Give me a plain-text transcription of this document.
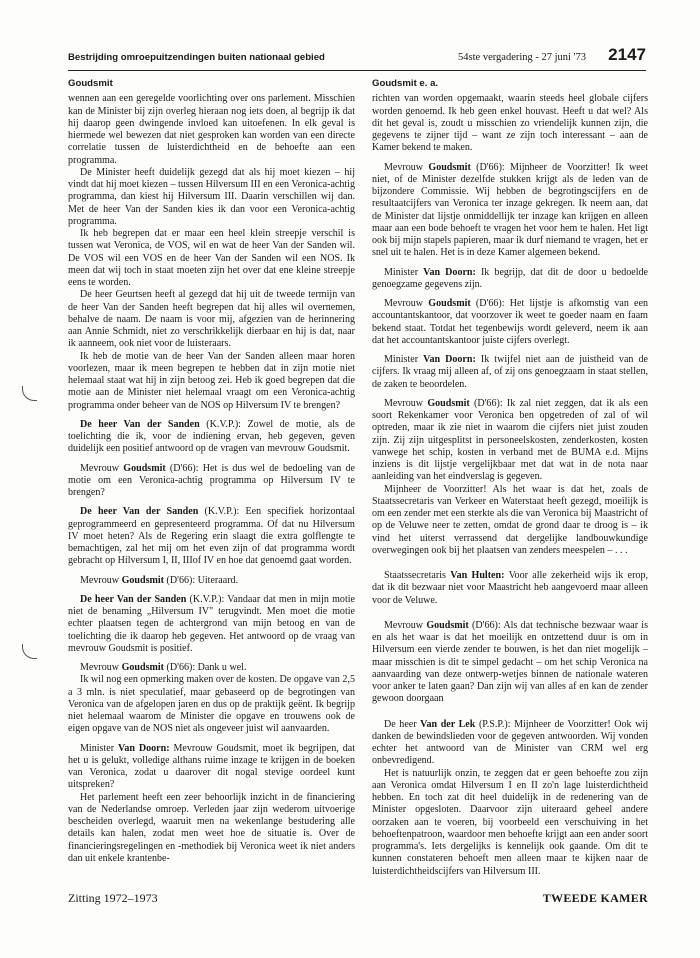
Bestrijding omroepuitzendingen buiten nationaal gebied	54ste vergadering - 27 juni '73 2147
Goudsmit

wennen aan een geregelde voorlichting over ons parlement. Misschien kan de Minister bij zijn overleg hieraan nog iets doen, al begrijp ik dat hij daarop geen dwingende invloed kan uitoefenen. In elk geval is hiermede wel bewezen dat niet gesproken kan worden van een directe correlatie tussen de luisterdichtheid en de behoefte aan een programma.

De Minister heeft duidelijk gezegd dat als hij moet kiezen – hij vindt dat hij moet kiezen – tussen Hilversum III en een Veronica-achtig programma, dan kiest hij Hilversum III. Daarin verschillen wij dan. Met de heer Van der Sanden kies ik dan voor een Veronica-achtig programma.

Ik heb begrepen dat er maar een heel klein streepje verschil is tussen wat Veronica, de VOS, wil en wat de heer Van der Sanden wil. De VOS wil een VOS en de heer Van der Sanden wil een NOS. Ik meen dat wij toch in staat moeten zijn het over dat ene kleine streepje eens te worden.

De heer Geurtsen heeft al gezegd dat hij uit de tweede termijn van de heer Van der Sanden heeft begrepen dat hij alles wil overnemen, behalve de naam. De naam is voor mij, afgezien van de herinnering aan Annie Schmidt, niet zo verschrikkelijk dierbaar en hij is dat, naar ik aanneem, ook niet voor de luisteraars.

Ik heb de motie van de heer Van der Sanden alleen maar horen voorlezen, maar ik meen begrepen te hebben dat in zijn motie niet helemaal staat wat hij in zijn betoog zei. Heb ik goed begrepen dat die motie aan de Minister niet helemaal vraagt om een Veronica-achtig programma onder beheer van de NOS op Hilversum IV te brengen?

De heer Van der Sanden (K.V.P.): Zowel de motie, als de toelichting die ik, voor de indiening ervan, heb gegeven, geven duidelijk een positief antwoord op de vragen van mevrouw Goudsmit.

Mevrouw Goudsmit (D'66): Het is dus wel de bedoeling van de motie om een Veronica-achtig programma op Hilversum IV te brengen?

De heer Van der Sanden (K.V.P.): Een specifiek horizontaal geprogrammeerd en gepresenteerd programma. Of dat nu Hilversum IV moet heten? Als de Regering erin slaagt die extra golflengte te bemachtigen, zal het mij om het even zijn of dat programma wordt gebracht op Hilversum I, II, IIIof IV en hoe dat genoemd gaat worden.

Mevrouw Goudsmit (D'66): Uiteraard.

De heer Van der Sanden (K.V.P.): Vandaar dat men in mijn motie niet de benaming „Hilversum IV" terugvindt. Men moet die motie echter plaatsen tegen de achtergrond van mijn betoog en van de toelichting die ik daarop heb gegeven. Het antwoord op de vraag van mevrouw Goudsmit is positief.

Mevrouw Goudsmit (D'66): Dank u wel.

Ik wil nog een opmerking maken over de kosten. De opgave van 2,5 a 3 mln. is niet speculatief, maar gebaseerd op de begrotingen van Veronica van de afgelopen jaren en dus op de praktijk geënt. Ik begrijp niet helemaal waarom de Minister die opgave en trouwens ook de eigen opgave van de NOS niet als ongeveer juist wil aanvaarden.

Minister Van Doorn: Mevrouw Goudsmit, moet ik begrijpen, dat het u is gelukt, volledige althans ruime inzage te krijgen in de boeken van Veronica, zodat u daarover dit nogal stevige oordeel kunt uitspreken?

Het parlement heeft een zeer behoorlijk inzicht in de financiering van de Nederlandse omroep. Verleden jaar zijn wederom uitvoerige bescheiden overlegd, waaruit men na wekenlange bestudering alle details kan halen, zodat men weet hoe de situatie is. Over de financieringsregelingen en -methodiek bij Veronica weet ik niet anders dan uit enkele krantenbe-

Goudsmit e. a.

richten van worden opgemaakt, waarin steeds heel globale cijfers worden genoemd. Ik heb geen enkel houvast. Heeft u dat wel? Als dit het geval is, zoudt u misschien zo vriendelijk kunnen zijn, die gegevens te zijner tijd – want ze zijn toch interessant – aan de Kamer bekend te maken.

Mevrouw Goudsmit (D'66): Mijnheer de Voorzitter! Ik weet niet, of de Minister dezelfde stukken krijgt als de leden van de bijzondere Commissie. Wij hebben de begrotingscijfers en de resultaatcijfers van Veronica ter inzage gekregen. Ik neem aan, dat de Minister dat lijstje onmiddellijk ter inzage kan krijgen en alleen maar aan een bode behoeft te vragen het voor hem te halen. Het ligt ook bij mijn stapels papieren, maar ik durf niemand te vragen, het er snel uit te halen. Het is in deze Kamer algemeen bekend.

Minister Van Doorn: Ik begrijp, dat dit de door u bedoelde genoegzame gegevens zijn.

Mevrouw Goudsmit (D'66): Het lijstje is afkomstig van een accountantskantoor, dat voorzover ik weet te goeder naam en faam bekend staat. Totdat het tegenbewijs wordt geleverd, neem ik aan dat het accountantskantoor juiste cijfers overlegt.

Minister Van Doorn: Ik twijfel niet aan de juistheid van de cijfers. Ik vraag mij alleen af, of zij ons genoegzaam in staat stellen, de zaken te beoordelen.

Mevrouw Goudsmit (D'66): Ik zal niet zeggen, dat ik als een soort Rekenkamer voor Veronica ben opgetreden of zal of wil optreden, maar ik zie niet in waarom die cijfers niet juist zouden zijn. Zij zijn uitgesplitst in personeelskosten, zenderkosten, kosten vanwege het schip, kosten in verband met de BUMA e.d. Mijns inziens is dit lijstje vergelijkbaar met dat wat in de nota naar aanleiding van het eindverslag is gegeven.

Mijnheer de Voorzitter! Als het waar is dat het, zoals de Staatssecretaris van Verkeer en Waterstaat heeft gezegd, moeilijk is om een zender met een sterkte als die van Veronica bij Maastricht of op de Veluwe neer te zetten, omdat de grond daar te droog is – ik vind het uiterst verrassend dat dergelijke landbouwkundige overwegingen ook bij het plaatsen van zenders meespelen – . . .

Staatssecretaris Van Hulten: Voor alle zekerheid wijs ik erop, dat ik dit bezwaar niet voor Maastricht heb aangevoerd maar alleen voor de Veluwe.

Mevrouw Goudsmit (D'66): Als dat technische bezwaar waar is en als het waar is dat het moeilijk en ontzettend duur is om in Hilversum een vierde zender te bouwen, is het dan niet mogelijk – maar misschien is dit te simpel gedacht – om het schip Veronica na aanvaarding van deze ontwerp-wetjes binnen de nationale wateren voor anker te laten gaan? Dan zijn wij van alles af en kan de zender gewoon doorgaan

De heer Van der Lek (P.S.P.): Mijnheer de Voorzitter! Ook wij danken de bewindslieden voor de gegeven antwoorden. Wij vonden echter het antwoord van de Minister van CRM wel erg onbevredigend.

Het is natuurlijk onzin, te zeggen dat er geen behoefte zou zijn aan Veronica omdat Hilversum I en II zo'n lage luisterdichtheid hebben. En toch zat dit heel duidelijk in de redenering van de Minister opgesloten. Daarvoor zijn uiteraard geheel andere oorzaken aan te voeren, bij voorbeeld een verschuiving in het behoeftenpatroon, waardoor men behoefte krijgt aan een ander soort programma's. Iets dergelijks is kennelijk ook gaande. Om dit te kunnen constateren behoeft men alleen maar te kijken naar de luisterdichtheidscijfers van Hilversum III.

Zitting 1972–1973	TWEEDE KAMER
